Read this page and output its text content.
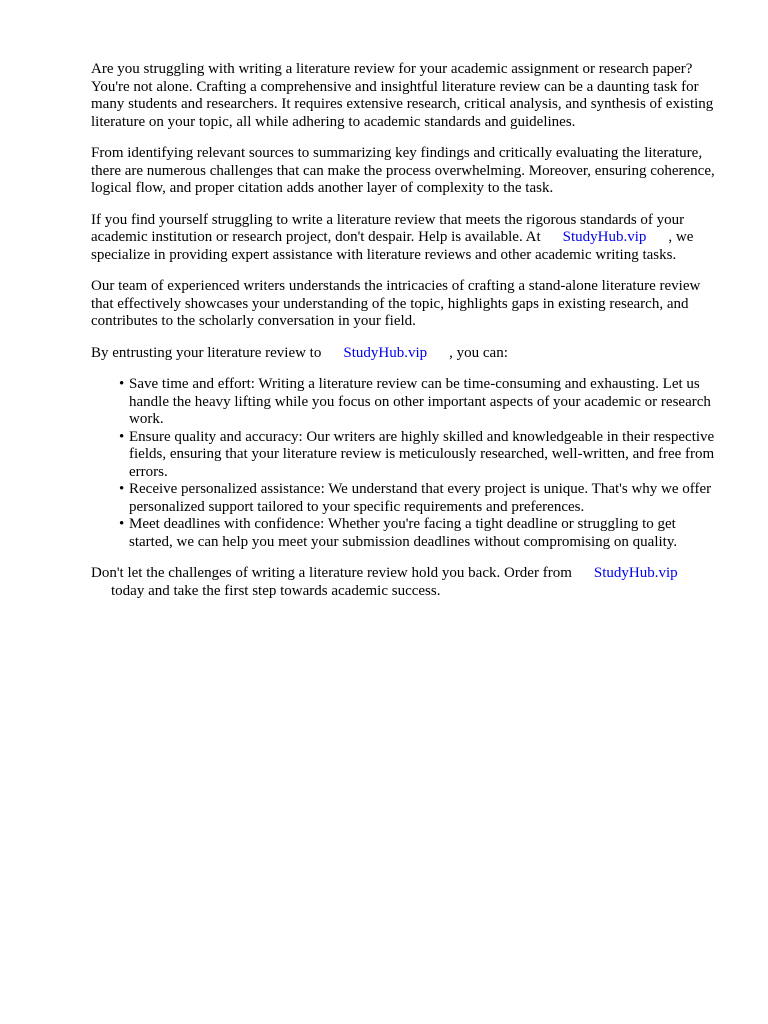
Are you struggling with writing a literature review for your academic assignment or research paper? You're not alone. Crafting a comprehensive and insightful literature review can be a daunting task for many students and researchers. It requires extensive research, critical analysis, and synthesis of existing literature on your topic, all while adhering to academic standards and guidelines.

From identifying relevant sources to summarizing key findings and critically evaluating the literature, there are numerous challenges that can make the process overwhelming. Moreover, ensuring coherence, logical flow, and proper citation adds another layer of complexity to the task.

If you find yourself struggling to write a literature review that meets the rigorous standards of your academic institution or research project, don't despair. Help is available. At StudyHub.vip , we specialize in providing expert assistance with literature reviews and other academic writing tasks.

Our team of experienced writers understands the intricacies of crafting a stand-alone literature review that effectively showcases your understanding of the topic, highlights gaps in existing research, and contributes to the scholarly conversation in your field.

By entrusting your literature review to StudyHub.vip , you can:

• Save time and effort: Writing a literature review can be time-consuming and exhausting. Let us handle the heavy lifting while you focus on other important aspects of your academic or research work.
• Ensure quality and accuracy: Our writers are highly skilled and knowledgeable in their respective fields, ensuring that your literature review is meticulously researched, well-written, and free from errors.
• Receive personalized assistance: We understand that every project is unique. That's why we offer personalized support tailored to your specific requirements and preferences.
• Meet deadlines with confidence: Whether you're facing a tight deadline or struggling to get started, we can help you meet your submission deadlines without compromising on quality.

Don't let the challenges of writing a literature review hold you back. Order from StudyHub.vip
today and take the first step towards academic success.
